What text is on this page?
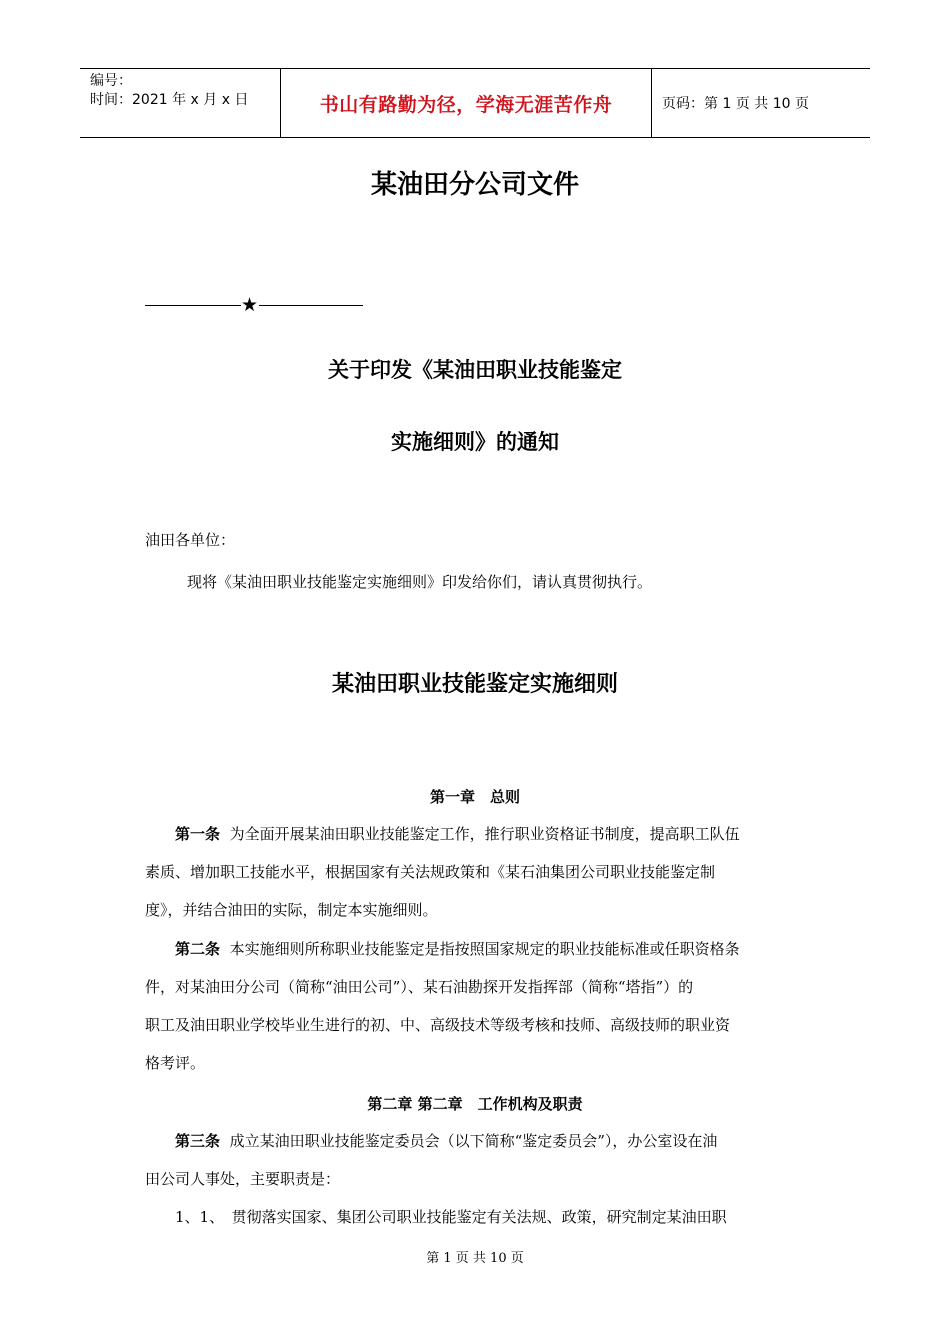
编号：
时间：2021 年 x 月 x 日	书山有路勤为径，学海无涯苦作舟	页码：第 1 页 共 10 页
某油田分公司文件
★
关于印发《某油田职业技能鉴定
实施细则》的通知
油田各单位：
现将《某油田职业技能鉴定实施细则》印发给你们，请认真贯彻执行。
某油田职业技能鉴定实施细则
第一章　总则
第一条 为全面开展某油田职业技能鉴定工作，推行职业资格证书制度，提高职工队伍
素质、增加职工技能水平，根据国家有关法规政策和《某石油集团公司职业技能鉴定制
度》，并结合油田的实际，制定本实施细则。
第二条 本实施细则所称职业技能鉴定是指按照国家规定的职业技能标准或任职资格条
件，对某油田分公司（简称“油田公司”）、某石油勘探开发指挥部（简称“塔指”）的
职工及油田职业学校毕业生进行的初、中、高级技术等级考核和技师、高级技师的职业资
格考评。
第二章 第二章　工作机构及职责
第三条 成立某油田职业技能鉴定委员会（以下简称“鉴定委员会”），办公室设在油
田公司人事处，主要职责是：
1、1、　贯彻落实国家、集团公司职业技能鉴定有关法规、政策，研究制定某油田职
第 1 页 共 10 页
